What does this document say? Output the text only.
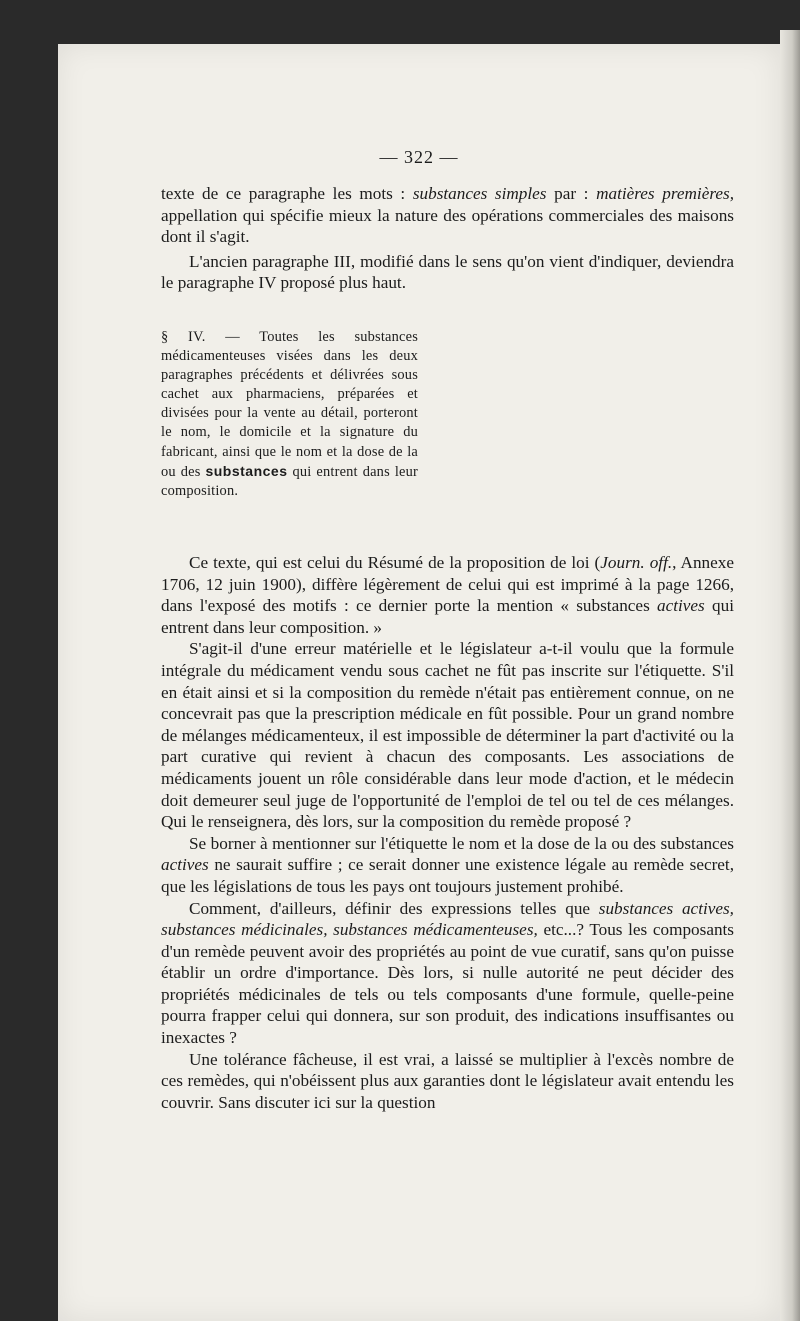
— 322 —

texte de ce paragraphe les mots : substances simples par : matières premières, appellation qui spécifie mieux la nature des opérations commerciales des maisons dont il s'agit.

L'ancien paragraphe III, modifié dans le sens qu'on vient d'indiquer, deviendra le paragraphe IV proposé plus haut.

§ IV. — Toutes les substances médicamenteuses visées dans les deux paragraphes précédents et délivrées sous cachet aux pharmaciens, préparées et divisées pour la vente au détail, porteront le nom, le domicile et la signature du fabricant, ainsi que le nom et la dose de la ou des substances qui entrent dans leur composition.

Ce texte, qui est celui du Résumé de la proposition de loi (Journ. off., Annexe 1706, 12 juin 1900), diffère légèrement de celui qui est imprimé à la page 1266, dans l'exposé des motifs : ce dernier porte la mention « substances actives qui entrent dans leur composition. »

S'agit-il d'une erreur matérielle et le législateur a-t-il voulu que la formule intégrale du médicament vendu sous cachet ne fût pas inscrite sur l'étiquette. S'il en était ainsi et si la composition du remède n'était pas entièrement connue, on ne concevrait pas que la prescription médicale en fût possible. Pour un grand nombre de mélanges médicamenteux, il est impossible de déterminer la part d'activité ou la part curative qui revient à chacun des composants. Les associations de médicaments jouent un rôle considérable dans leur mode d'action, et le médecin doit demeurer seul juge de l'opportunité de l'emploi de tel ou tel de ces mélanges. Qui le renseignera, dès lors, sur la composition du remède proposé ?

Se borner à mentionner sur l'étiquette le nom et la dose de la ou des substances actives ne saurait suffire ; ce serait donner une existence légale au remède secret, que les législations de tous les pays ont toujours justement prohibé.

Comment, d'ailleurs, définir des expressions telles que substances actives, substances médicinales, substances médicamenteuses, etc...? Tous les composants d'un remède peuvent avoir des propriétés au point de vue curatif, sans qu'on puisse établir un ordre d'importance. Dès lors, si nulle autorité ne peut décider des propriétés médicinales de tels ou tels composants d'une formule, quelle-peine pourra frapper celui qui donnera, sur son produit, des indications insuffisantes ou inexactes ?

Une tolérance fâcheuse, il est vrai, a laissé se multiplier à l'excès nombre de ces remèdes, qui n'obéissent plus aux garanties dont le législateur avait entendu les couvrir. Sans discuter ici sur la question
